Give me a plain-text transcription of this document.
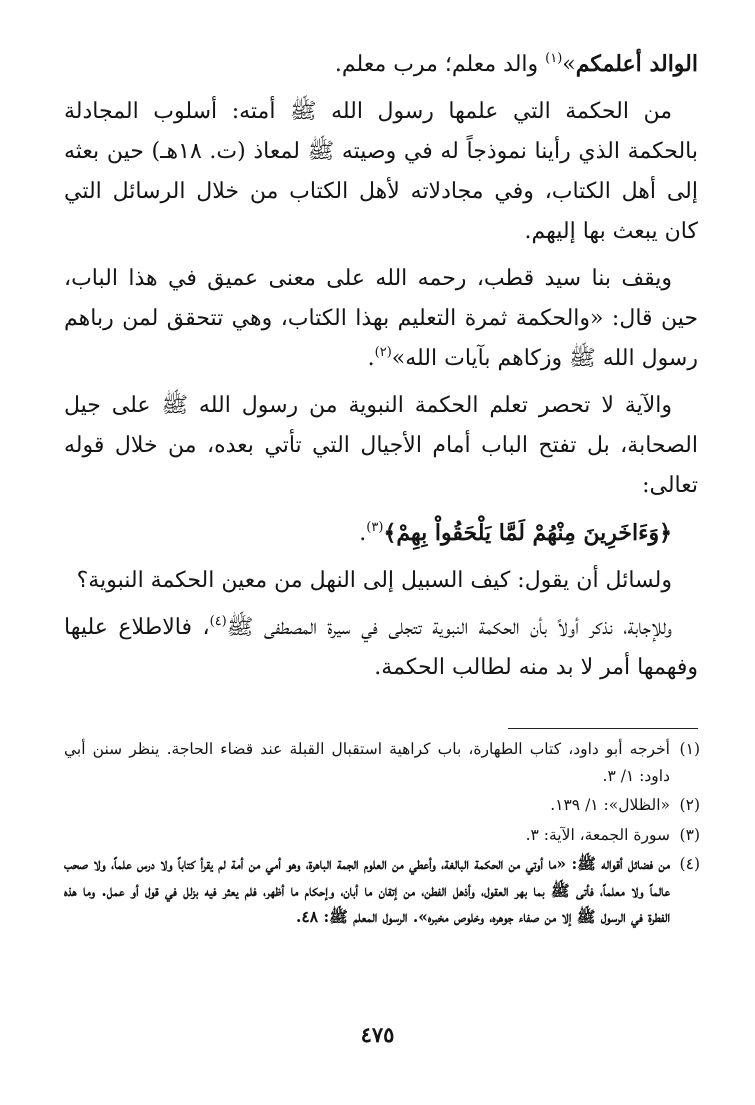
الوالد أعلمكم»$^{(١)}$ والد معلم؛ مرب معلم.

من الحكمة التي علمها رسول الله ﷺ أمته: أسلوب المجادلة بالحكمة الذي رأينا نموذجاً له في وصيته ﷺ لمعاذ (ت. ١٨هـ) حين بعثه إلى أهل الكتاب، وفي مجادلاته لأهل الكتاب من خلال الرسائل التي كان يبعث بها إليهم.

ويقف بنا سيد قطب، رحمه الله على معنى عميق في هذا الباب، حين قال: «والحكمة ثمرة التعليم بهذا الكتاب، وهي تتحقق لمن رباهم رسول الله ﷺ وزكاهم بآيات الله»$^{(٢)}$.

والآية لا تحصر تعلم الحكمة النبوية من رسول الله ﷺ على جيل الصحابة، بل تفتح الباب أمام الأجيال التي تأتي بعده، من خلال قوله تعالى:

﴿وَءَاخَرِينَ مِنْهُمْ لَمَّا يَلْحَقُواْ بِهِمْ﴾$^{(٣)}$.

ولسائل أن يقول: كيف السبيل إلى النهل من معين الحكمة النبوية؟

وللإجابة، نذكر أولاً بأن الحكمة النبوية تتجلى في سيرة المصطفى ﷺ$^{(٤)}$، فالاطلاع عليها وفهمها أمر لا بد منه لطالب الحكمة.

(١)
أخرجه أبو داود، كتاب الطهارة، باب كراهية استقبال القبلة عند قضاء الحاجة. ينظر سنن أبي داود: ١/ ٣.
(٢)
«الظلال»: ١/ ١٣٩.
(٣)
سورة الجمعة، الآية: ٣.
(٤)
من فضائل أقواله ﷺ: «ما أوتي من الحكمة البالغة، وأعطي من العلوم الجمة الباهرة، وهو أمي من أمة لم يقرأ كتاباً ولا درس علماً، ولا صحب عالماً ولا معلماً، فأتى ﷺ بما بهر العقول، وأذهل الفطن، من إتقان ما أبان، وإحكام ما أظهر، فلم يعثر فيه بزلل في قول أو عمل. وما هذه الفطرة في الرسول ﷺ إلا من صفاء جوهره، وخلوص مخبره». الرسول المعلم ﷺ: ٤٨.
٤٧٥
